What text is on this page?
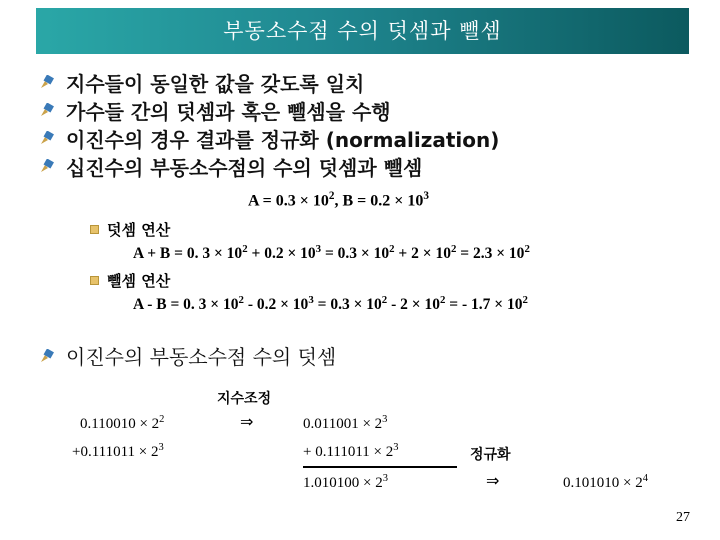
부동소수점 수의 덧셈과 뺄셈
지수들이 동일한 값을 갖도록 일치
가수들 간의 덧셈과 혹은 뺄셈을 수행
이진수의 경우 결과를 정규화 (normalization)
십진수의 부동소수점의 수의 덧셈과 뺄셈
$A = 0.3 \times 10^2$, $B = 0.2 \times 10^3$
덧셈 연산
A + B = 0. $3 \times 10^2 + 0.2 \times 10^3 = 0.3 \times 10^2 + 2 \times 10^2 = 2.3 \times 10^2$
뺄셈 연산
A - B = 0. $3 \times 10^2 - 0.2 \times 10^3 = 0.3 \times 10^2 - 2 \times 10^2$ = - $1.7 \times 10^2$
이진수의 부동소수점 수의 덧셈
지수조정
$0.110010 \times 2^2$	⇒	$0.011001 \times 2^3$
$+0.111011 \times 2^3$	+ $0.111011 \times 2^3$	정규화
$1.010100 \times 2^3$	⇒	$0.101010 \times 2^4$
27
